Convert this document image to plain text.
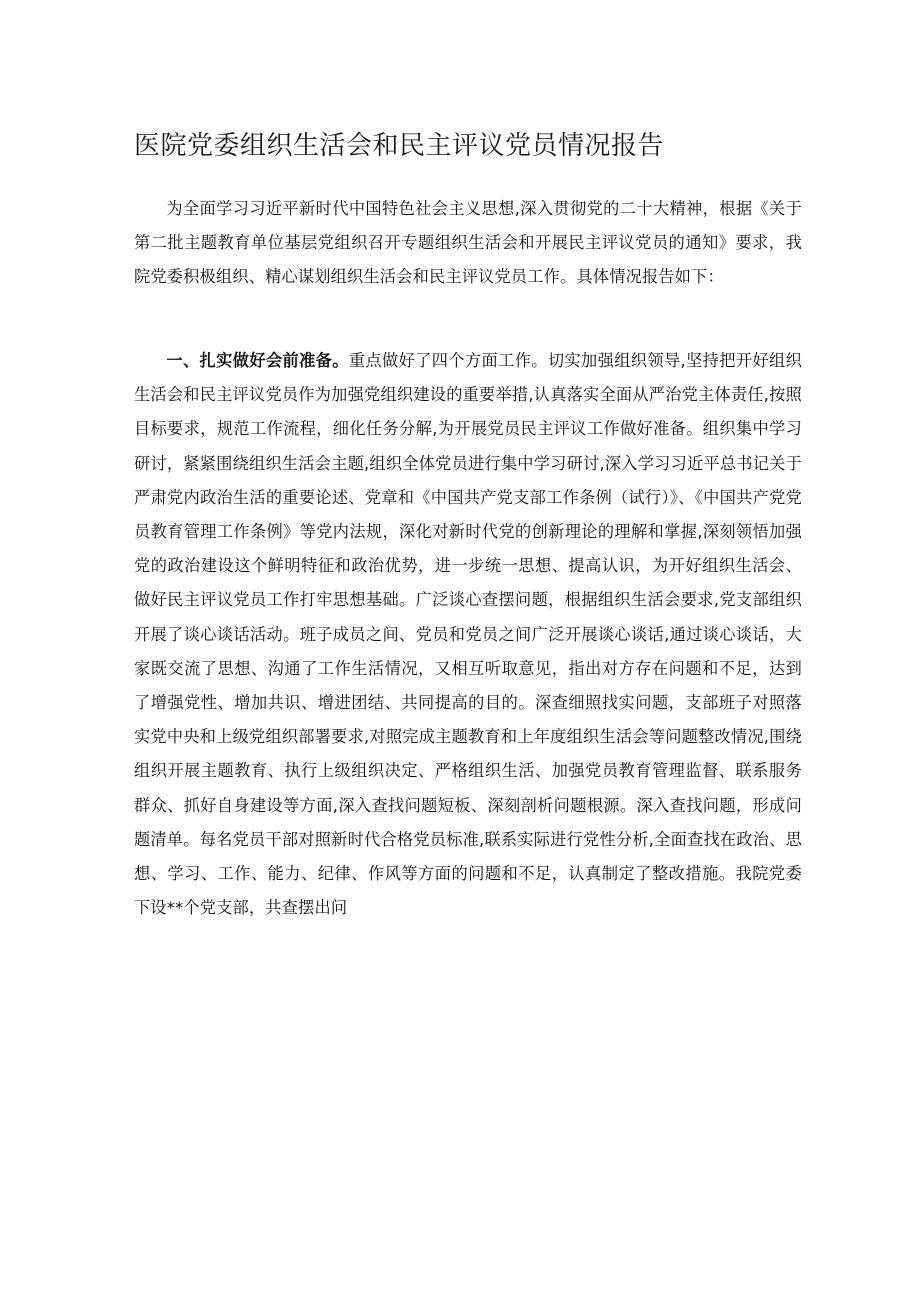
医院党委组织生活会和民主评议党员情况报告

为全面学习习近平新时代中国特色社会主义思想,深入贯彻党的二十大精神，根据《关于第二批主题教育单位基层党组织召开专题组织生活会和开展民主评议党员的通知》要求，我院党委积极组织、精心谋划组织生活会和民主评议党员工作。具体情况报告如下：

一、扎实做好会前准备。重点做好了四个方面工作。切实加强组织领导,坚持把开好组织生活会和民主评议党员作为加强党组织建设的重要举措,认真落实全面从严治党主体责任,按照目标要求，规范工作流程，细化任务分解,为开展党员民主评议工作做好准备。组织集中学习研讨，紧紧围绕组织生活会主题,组织全体党员进行集中学习研讨,深入学习习近平总书记关于严肃党内政治生活的重要论述、党章和《中国共产党支部工作条例（试行）》、《中国共产党党员教育管理工作条例》等党内法规，深化对新时代党的创新理论的理解和掌握,深刻领悟加强党的政治建设这个鲜明特征和政治优势，进一步统一思想、提高认识，为开好组织生活会、做好民主评议党员工作打牢思想基础。广泛谈心查摆问题，根据组织生活会要求,党支部组织开展了谈心谈话活动。班子成员之间、党员和党员之间广泛开展谈心谈话,通过谈心谈话，大家既交流了思想、沟通了工作生活情况，又相互听取意见，指出对方存在问题和不足，达到了增强党性、增加共识、增进团结、共同提高的目的。深查细照找实问题，支部班子对照落实党中央和上级党组织部署要求,对照完成主题教育和上年度组织生活会等问题整改情况,围绕组织开展主题教育、执行上级组织决定、严格组织生活、加强党员教育管理监督、联系服务群众、抓好自身建设等方面,深入查找问题短板、深刻剖析问题根源。深入查找问题，形成问题清单。每名党员干部对照新时代合格党员标准,联系实际进行党性分析,全面查找在政治、思想、学习、工作、能力、纪律、作风等方面的问题和不足，认真制定了整改措施。我院党委下设**个党支部，共查摆出问
